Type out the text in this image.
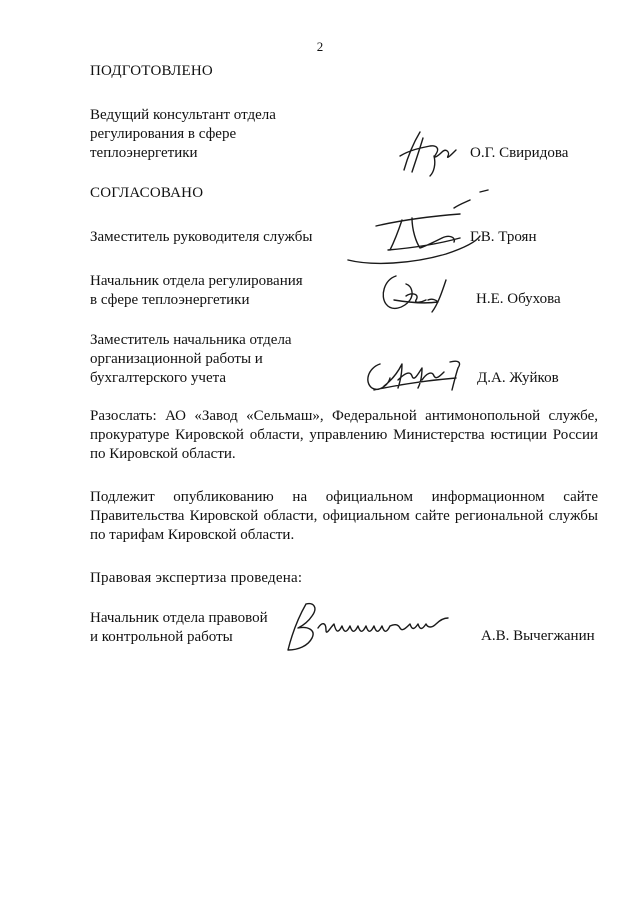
2
ПОДГОТОВЛЕНО
Ведущий консультант отдела
регулирования в сфере
теплоэнергетики	О.Г. Свиридова
СОГЛАСОВАНО
Заместитель руководителя службы	Г.В. Троян
Начальник отдела регулирования
в сфере теплоэнергетики	Н.Е. Обухова
Заместитель начальника отдела
организационной работы и
бухгалтерского учета	Д.А. Жуйков
Разослать: АО «Завод «Сельмаш», Федеральной антимонопольной службе, прокуратуре Кировской области, управлению Министерства юстиции России по Кировской области.
Подлежит опубликованию на официальном информационном сайте Правительства Кировской области, официальном сайте региональной службы по тарифам Кировской области.
Правовая экспертиза проведена:
Начальник отдела правовой
и контрольной работы	А.В. Вычегжанин
